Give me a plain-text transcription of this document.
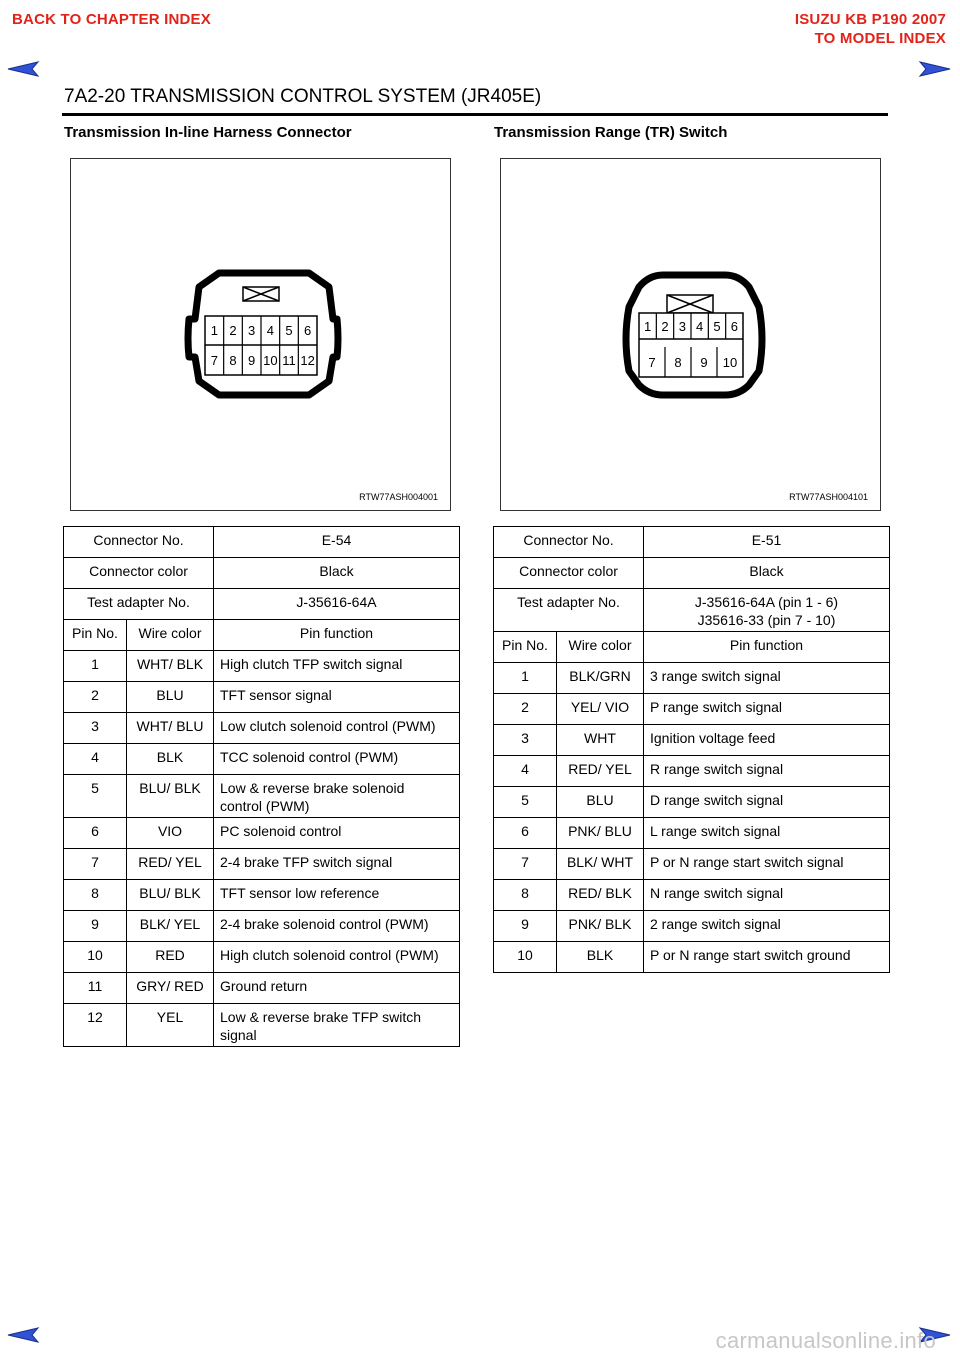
BACK TO CHAPTER INDEX	ISUZU KB P190 2007
TO MODEL INDEX
7A2-20 TRANSMISSION CONTROL SYSTEM (JR405E)
Transmission In-line Harness Connector	Transmission Range (TR) Switch
1 2 3 4 5 6
7 8 9 10 11 12
RTW77ASH004001
1 2 3 4 5 6
7 8 9 10
RTW77ASH004101
Connector No.		E-54
Connector color		Black
Test adapter No.		J-35616-64A
Pin No.	Wire color	Pin function
1	WHT/ BLK	High clutch TFP switch signal
2	BLU	TFT sensor signal
3	WHT/ BLU	Low clutch solenoid control (PWM)
4	BLK	TCC solenoid control (PWM)
5	BLU/ BLK	Low & reverse brake solenoid control (PWM)
6	VIO	PC solenoid control
7	RED/ YEL	2-4 brake TFP switch signal
8	BLU/ BLK	TFT sensor low reference
9	BLK/ YEL	2-4 brake solenoid control (PWM)
10	RED	High clutch solenoid control (PWM)
11	GRY/ RED	Ground return
12	YEL	Low & reverse brake TFP switch signal
Connector No.		E-51
Connector color		Black
Test adapter No.		J-35616-64A (pin 1 - 6)
J35616-33 (pin 7 - 10)

Pin No.	Wire color	Pin function
1	BLK/GRN	3 range switch signal
2	YEL/ VIO	P range switch signal
3	WHT	Ignition voltage feed
4	RED/ YEL	R range switch signal
5	BLU	D range switch signal
6	PNK/ BLU	L range switch signal
7	BLK/ WHT	P or N range start switch signal
8	RED/ BLK	N range switch signal
9	PNK/ BLK	2 range switch signal
10	BLK	P or N range start switch ground
carmanualsonline.info
